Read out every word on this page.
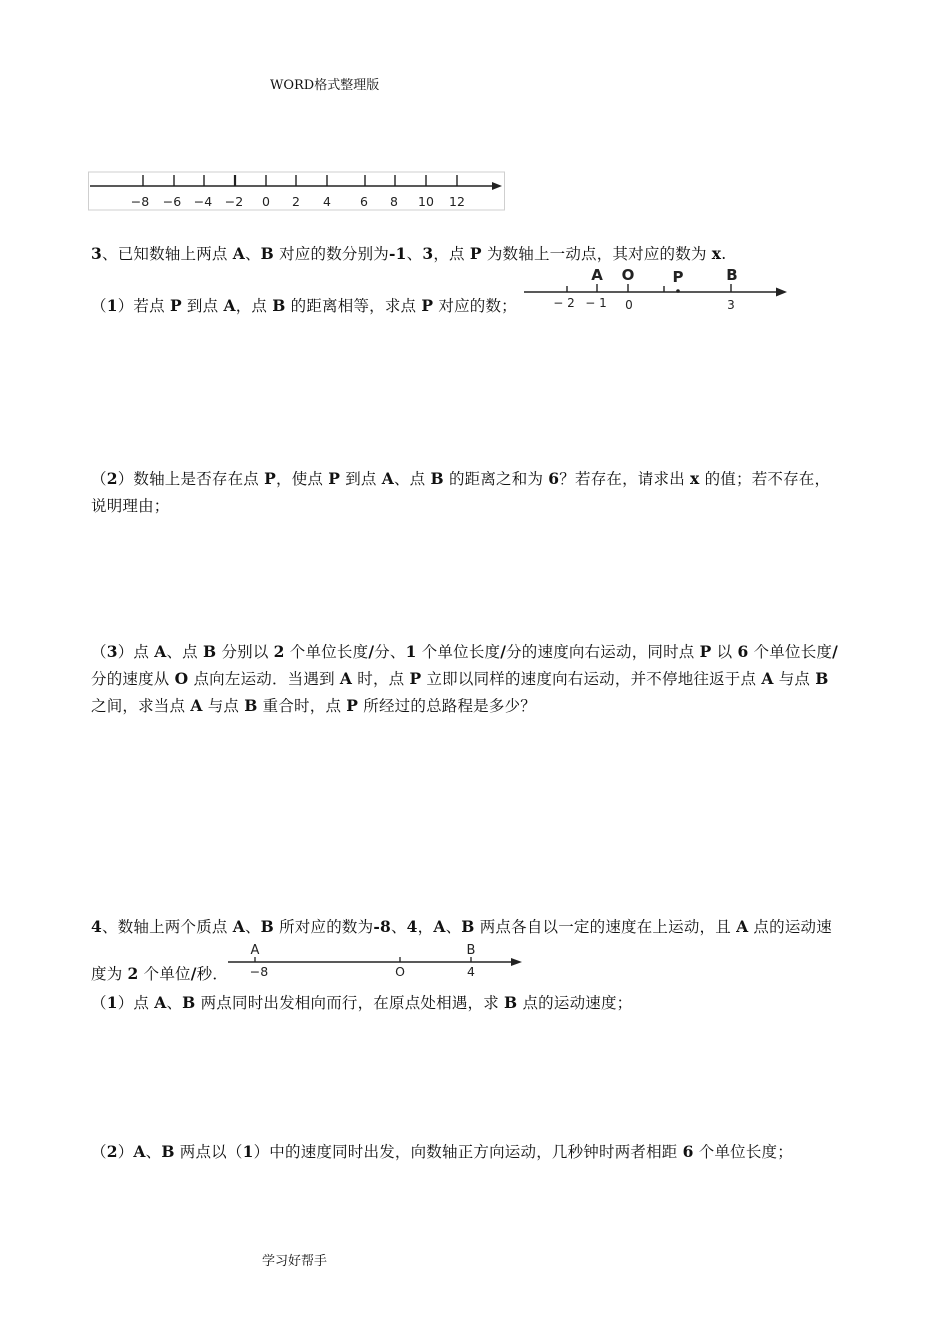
WORD格式整理版
−8 −6 −4 −2 0 2 4 6 8 10 12
3、已知数轴上两点 A、B 对应的数分别为-1、3，点 P 为数轴上一动点，其对应的数为 x.
（1）若点 P 到点 A，点 B 的距离相等，求点 P 对应的数；
A O	P	B
− 2 − 1 0	3
（2）数轴上是否存在点 P，使点 P 到点 A、点 B 的距离之和为 6？若存在，请求出 x 的值；若不存在，
说明理由；
（3）点 A、点 B 分别以 2 个单位长度/分、1 个单位长度/分的速度向右运动，同时点 P 以 6 个单位长度/
分的速度从 O 点向左运动．当遇到 A 时，点 P 立即以同样的速度向右运动，并不停地往返于点 A 与点 B
之间，求当点 A 与点 B 重合时，点 P 所经过的总路程是多少？
4、数轴上两个质点 A、B 所对应的数为-8、4，A、B 两点各自以一定的速度在上运动，且 A 点的运动速
度为 2 个单位/秒．
A	B
−8	O	4
（1）点 A、B 两点同时出发相向而行，在原点处相遇，求 B 点的运动速度；
（2）A、B 两点以（1）中的速度同时出发，向数轴正方向运动，几秒钟时两者相距 6 个单位长度；
学习好帮手
